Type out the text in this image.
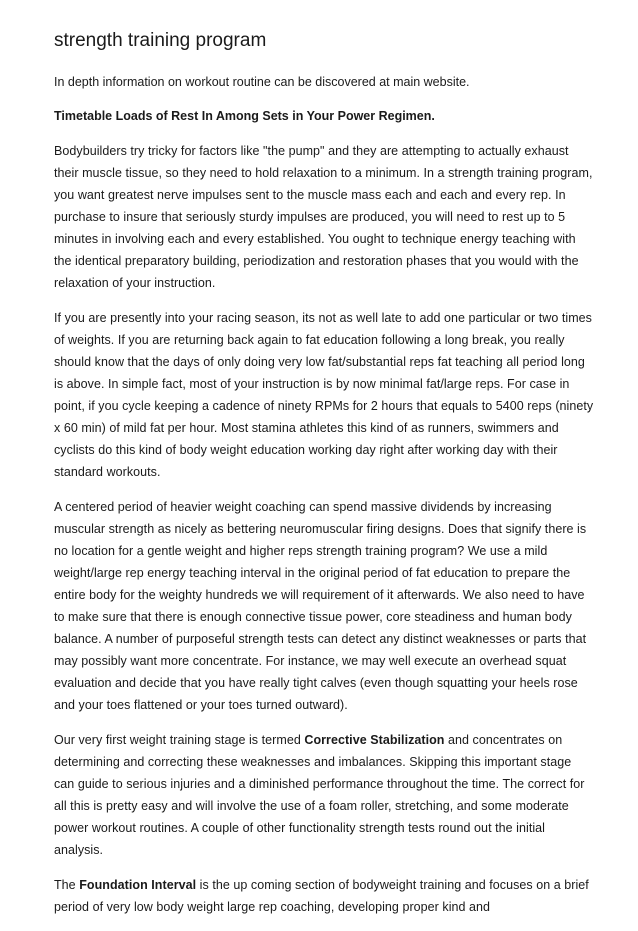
strength training program

In depth information on workout routine can be discovered at main website.

Timetable Loads of Rest In Among Sets in Your Power Regimen.

Bodybuilders try tricky for factors like "the pump" and they are attempting to actually exhaust their muscle tissue, so they need to hold relaxation to a minimum. In a strength training program, you want greatest nerve impulses sent to the muscle mass each and each and every rep. In purchase to insure that seriously sturdy impulses are produced, you will need to rest up to 5 minutes in involving each and every established. You ought to technique energy teaching with the identical preparatory building, periodization and restoration phases that you would with the relaxation of your instruction.

If you are presently into your racing season, its not as well late to add one particular or two times of weights. If you are returning back again to fat education following a long break, you really should know that the days of only doing very low fat/substantial reps fat teaching all period long is above. In simple fact, most of your instruction is by now minimal fat/large reps. For case in point, if you cycle keeping a cadence of ninety RPMs for 2 hours that equals to 5400 reps (ninety x 60 min) of mild fat per hour. Most stamina athletes this kind of as runners, swimmers and cyclists do this kind of body weight education working day right after working day with their standard workouts.

A centered period of heavier weight coaching can spend massive dividends by increasing muscular strength as nicely as bettering neuromuscular firing designs. Does that signify there is no location for a gentle weight and higher reps strength training program? We use a mild weight/large rep energy teaching interval in the original period of fat education to prepare the entire body for the weighty hundreds we will requirement of it afterwards. We also need to have to make sure that there is enough connective tissue power, core steadiness and human body balance. A number of purposeful strength tests can detect any distinct weaknesses or parts that may possibly want more concentrate. For instance, we may well execute an overhead squat evaluation and decide that you have really tight calves (even though squatting your heels rose and your toes flattened or your toes turned outward).

Our very first weight training stage is termed Corrective Stabilization and concentrates on determining and correcting these weaknesses and imbalances. Skipping this important stage can guide to serious injuries and a diminished performance throughout the time. The correct for all this is pretty easy and will involve the use of a foam roller, stretching, and some moderate power workout routines. A couple of other functionality strength tests round out the initial analysis.

The Foundation Interval is the up coming section of bodyweight training and focuses on a brief period of very low body weight large rep coaching, developing proper kind and
